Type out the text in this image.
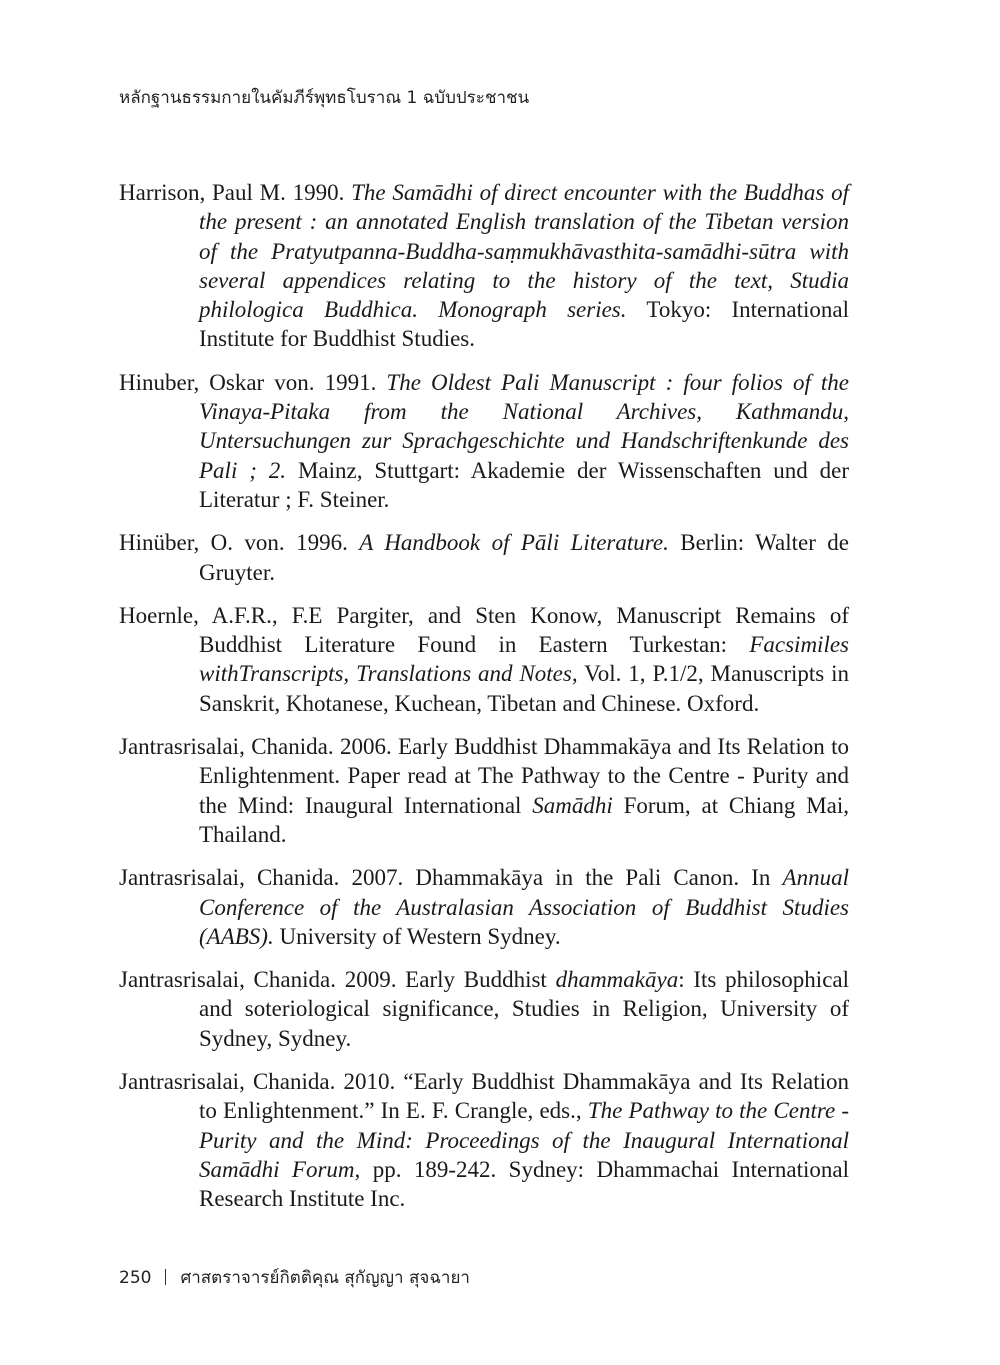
หลักฐานธรรมกายในคัมภีร์พุทธโบราณ 1 ฉบับประชาชน

Harrison, Paul M. 1990. The Samādhi of direct encounter with the Buddhas of the present : an annotated English translation of the Tibetan version of the Pratyutpanna-Buddha-saṃmukhāvasthita-samādhi-sūtra with several appendices relating to the history of the text, Studia philologica Buddhica. Monograph series. Tokyo: International Institute for Buddhist Studies.

Hinuber, Oskar von. 1991. The Oldest Pali Manuscript : four folios of the Vinaya-Pitaka from the National Archives, Kathmandu, Untersuchungen zur Sprachgeschichte und Handschriftenkunde des Pali ; 2. Mainz, Stuttgart: Akademie der Wissenschaften und der Literatur ; F. Steiner.

Hinüber, O. von. 1996. A Handbook of Pāli Literature. Berlin: Walter de Gruyter.

Hoernle, A.F.R., F.E Pargiter, and Sten Konow, Manuscript Remains of Buddhist Literature Found in Eastern Turkestan: Facsimiles withTranscripts, Translations and Notes, Vol. 1, P.1/2, Manuscripts in Sanskrit, Khotanese, Kuchean, Tibetan and Chinese. Oxford.

Jantrasrisalai, Chanida. 2006. Early Buddhist Dhammakāya and Its Relation to Enlightenment. Paper read at The Pathway to the Centre - Purity and the Mind: Inaugural International Samādhi Forum, at Chiang Mai, Thailand.

Jantrasrisalai, Chanida. 2007. Dhammakāya in the Pali Canon. In Annual Conference of the Australasian Association of Buddhist Studies (AABS). University of Western Sydney.

Jantrasrisalai, Chanida. 2009. Early Buddhist dhammakāya: Its philosophical and soteriological significance, Studies in Religion, University of Sydney, Sydney.

Jantrasrisalai, Chanida. 2010. “Early Buddhist Dhammakāya and Its Relation to Enlightenment.” In E. F. Crangle, eds., The Pathway to the Centre - Purity and the Mind: Proceedings of the Inaugural International Samādhi Forum, pp. 189-242. Sydney: Dhammachai International Research Institute Inc.

250 ศาสตราจารย์กิตติคุณ สุกัญญา สุจฉายา
